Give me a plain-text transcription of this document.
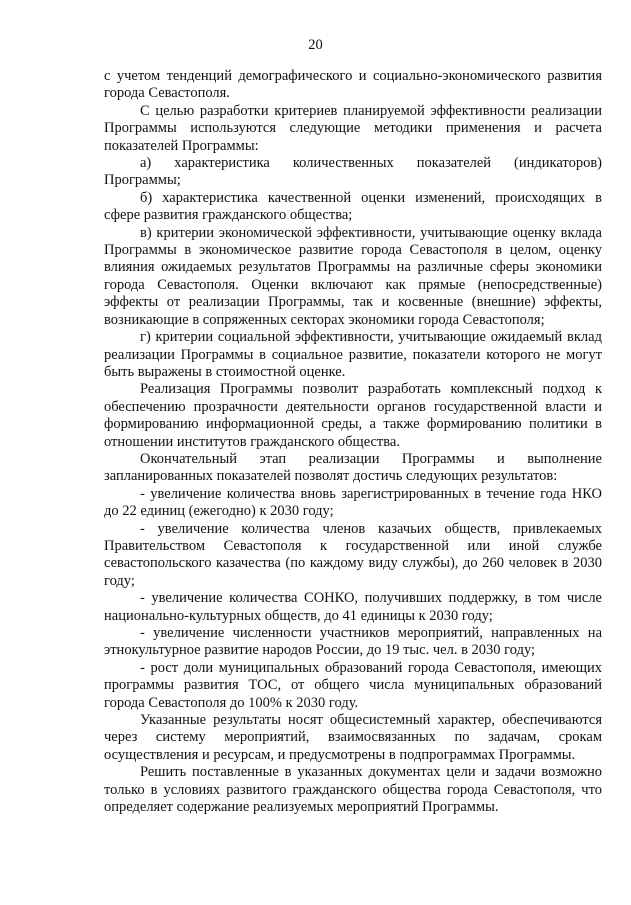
20

с учетом тенденций демографического и социально-экономического развития города Севастополя.

С целью разработки критериев планируемой эффективности реализации Программы используются следующие методики применения и расчета показателей Программы:

а) характеристика количественных показателей (индикаторов) Программы;

б) характеристика качественной оценки изменений, происходящих в сфере развития гражданского общества;

в) критерии экономической эффективности, учитывающие оценку вклада Программы в экономическое развитие города Севастополя в целом, оценку влияния ожидаемых результатов Программы на различные сферы экономики города Севастополя. Оценки включают как прямые (непосредственные) эффекты от реализации Программы, так и косвенные (внешние) эффекты, возникающие в сопряженных секторах экономики города Севастополя;

г) критерии социальной эффективности, учитывающие ожидаемый вклад реализации Программы в социальное развитие, показатели которого не могут быть выражены в стоимостной оценке.

Реализация Программы позволит разработать комплексный подход к обеспечению прозрачности деятельности органов государственной власти и формированию информационной среды, а также формированию политики в отношении институтов гражданского общества.

Окончательный этап реализации Программы и выполнение запланированных показателей позволят достичь следующих результатов:

- увеличение количества вновь зарегистрированных в течение года НКО до 22 единиц (ежегодно) к 2030 году;

- увеличение количества членов казачьих обществ, привлекаемых Правительством Севастополя к государственной или иной службе севастопольского казачества (по каждому виду службы), до 260 человек в 2030 году;

- увеличение количества СОНКО, получивших поддержку, в том числе национально-культурных обществ, до 41 единицы к 2030 году;

- увеличение численности участников мероприятий, направленных на этнокультурное развитие народов России, до 19 тыс. чел. в 2030 году;

- рост доли муниципальных образований города Севастополя, имеющих программы развития ТОС, от общего числа муниципальных образований города Севастополя до 100% к 2030 году.

Указанные результаты носят общесистемный характер, обеспечиваются через систему мероприятий, взаимосвязанных по задачам, срокам осуществления и ресурсам, и предусмотрены в подпрограммах Программы.

Решить поставленные в указанных документах цели и задачи возможно только в условиях развитого гражданского общества города Севастополя, что определяет содержание реализуемых мероприятий Программы.
